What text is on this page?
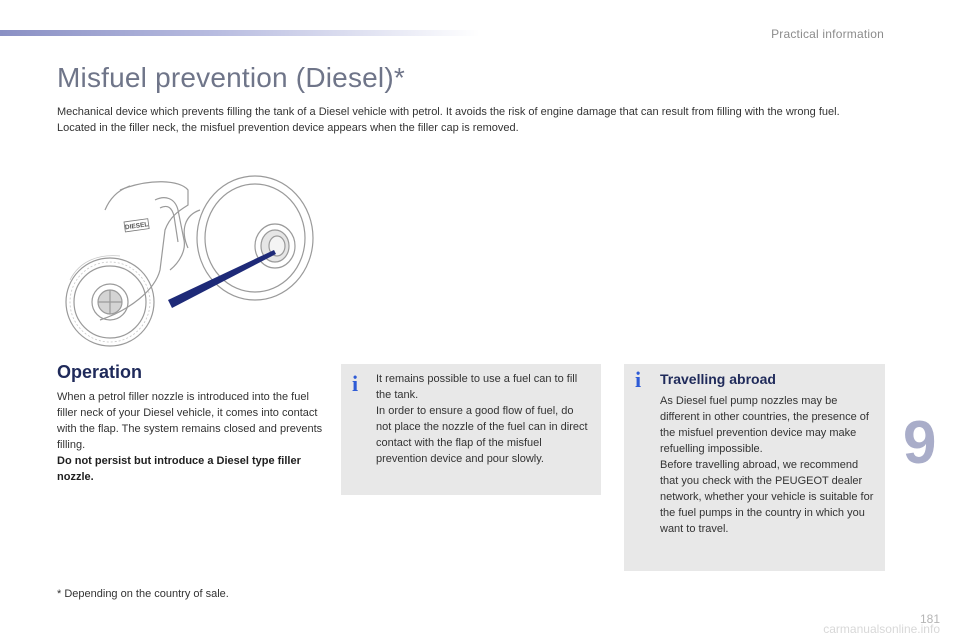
Practical information
Misfuel prevention (Diesel)*

Mechanical device which prevents filling the tank of a Diesel vehicle with petrol. It avoids the risk of engine damage that can result from filling with the wrong fuel.

Located in the filler neck, the misfuel prevention device appears when the filler cap is removed.

DIESEL
Operation

When a petrol filler nozzle is introduced into the fuel filler neck of your Diesel vehicle, it comes into contact with the flap. The system remains closed and prevents filling.

Do not persist but introduce a Diesel type filler nozzle.

i It remains possible to use a fuel can to fill the tank.

In order to ensure a good flow of fuel, do not place the nozzle of the fuel can in direct contact with the flap of the misfuel prevention device and pour slowly.

i Travelling abroad

As Diesel fuel pump nozzles may be different in other countries, the presence of the misfuel prevention device may make refuelling impossible.

Before travelling abroad, we recommend that you check with the PEUGEOT dealer network, whether your vehicle is suitable for the fuel pumps in the country in which you want to travel.

9
* Depending on the country of sale.
181
carmanualsonline.info
